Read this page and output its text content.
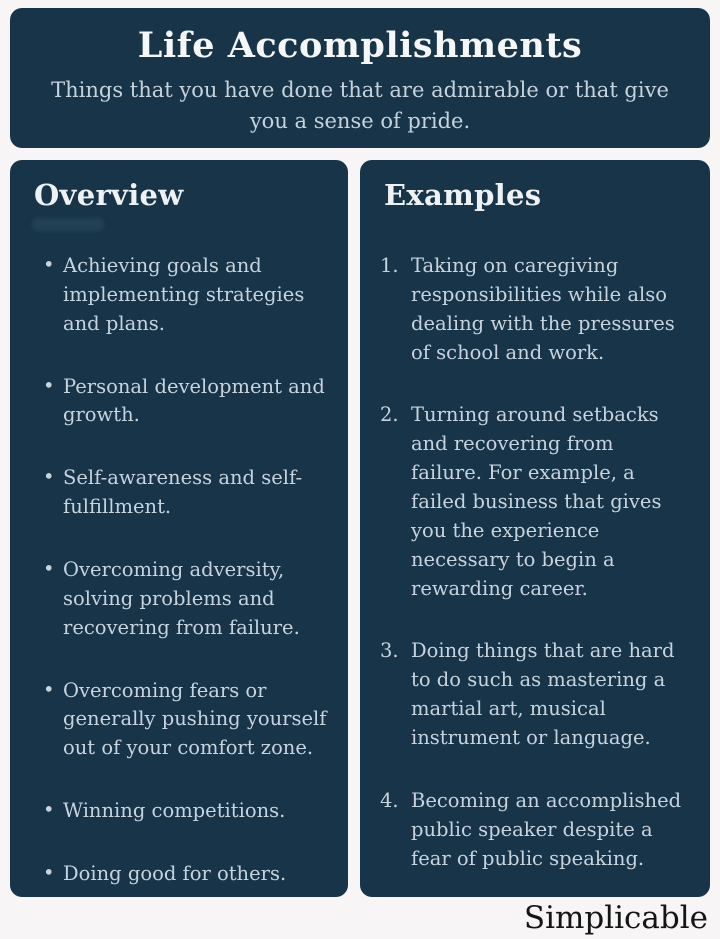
Life Accomplishments

Things that you have done that are admirable or that give you a sense of pride.

Overview
• Achieving goals and implementing strategies and plans.
• Personal development and growth.
• Self-awareness and self-fulfillment.
• Overcoming adversity, solving problems and recovering from failure.
• Overcoming fears or generally pushing yourself out of your comfort zone.
• Winning competitions.
• Doing good for others.
Examples
Taking on caregiving responsibilities while also dealing with the pressures of school and work.
Turning around setbacks and recovering from failure. For example, a failed business that gives you the experience necessary to begin a rewarding career.
Doing things that are hard to do such as mastering a martial art, musical instrument or language.
Becoming an accomplished public speaker despite a fear of public speaking.
Simplicable
